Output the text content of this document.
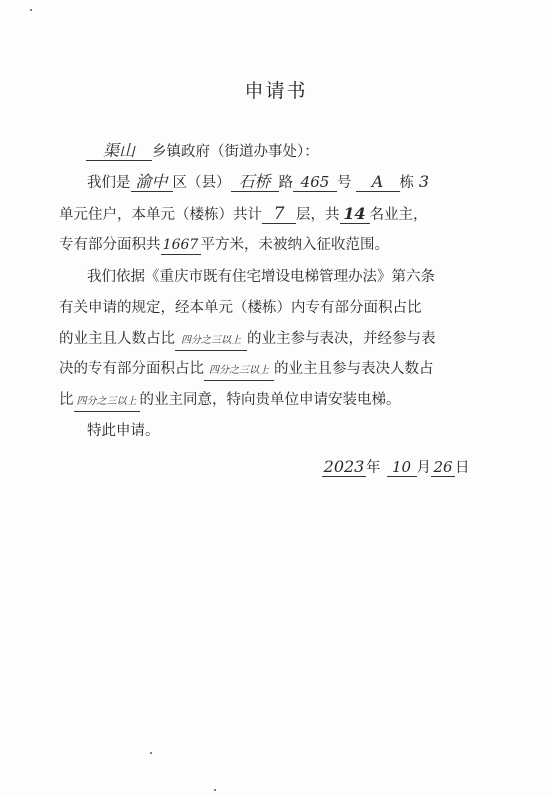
申请书
渠山 乡镇政府（街道办事处）：
我们是 渝中 区（县） 石桥 路 465 号 A 栋 3
单元住户，本单元（楼栋）共计 7 层，共 14 名业主，
专有部分面积共 1667 平方米，未被纳入征收范围。
我们依据《重庆市既有住宅增设电梯管理办法》第六条
有关申请的规定，经本单元（楼栋）内专有部分面积占比
的业主且人数占比 四分之三以上 的业主参与表决，并经参与表
决的专有部分面积占比 四分之三以上 的业主且参与表决人数占
比 四分之三以上 的业主同意，特向贵单位申请安装电梯。
特此申请。
2023 年 10 月 26 日
